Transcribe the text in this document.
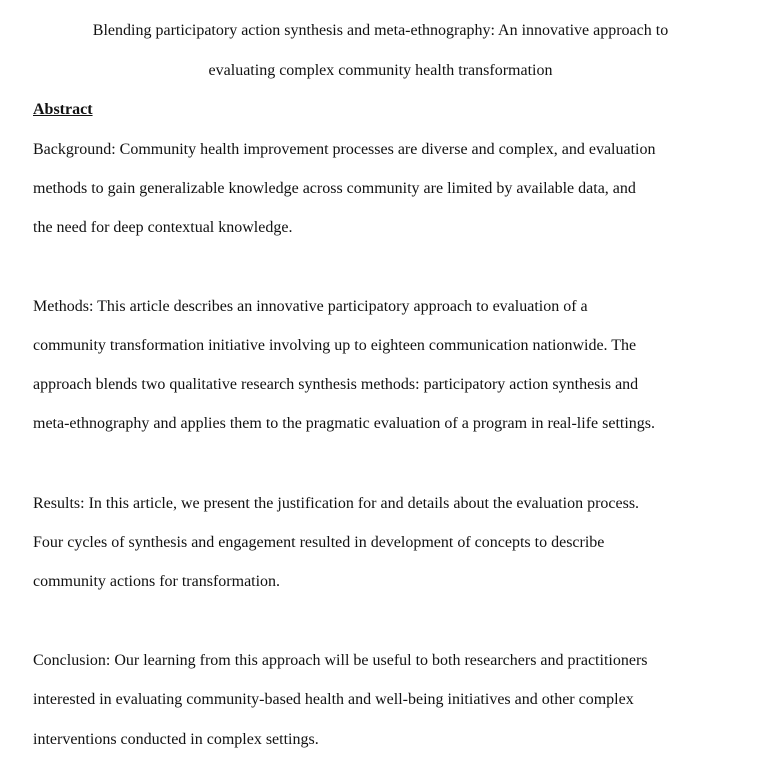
Blending participatory action synthesis and meta-ethnography: An innovative approach to
evaluating complex community health transformation
Abstract
Background: Community health improvement processes are diverse and complex, and evaluation
methods to gain generalizable knowledge across community are limited by available data, and
the need for deep contextual knowledge.
Methods: This article describes an innovative participatory approach to evaluation of a
community transformation initiative involving up to eighteen communication nationwide. The
approach blends two qualitative research synthesis methods: participatory action synthesis and
meta-ethnography and applies them to the pragmatic evaluation of a program in real-life settings.
Results: In this article, we present the justification for and details about the evaluation process.
Four cycles of synthesis and engagement resulted in development of concepts to describe
community actions for transformation.
Conclusion: Our learning from this approach will be useful to both researchers and practitioners
interested in evaluating community-based health and well-being initiatives and other complex
interventions conducted in complex settings.
